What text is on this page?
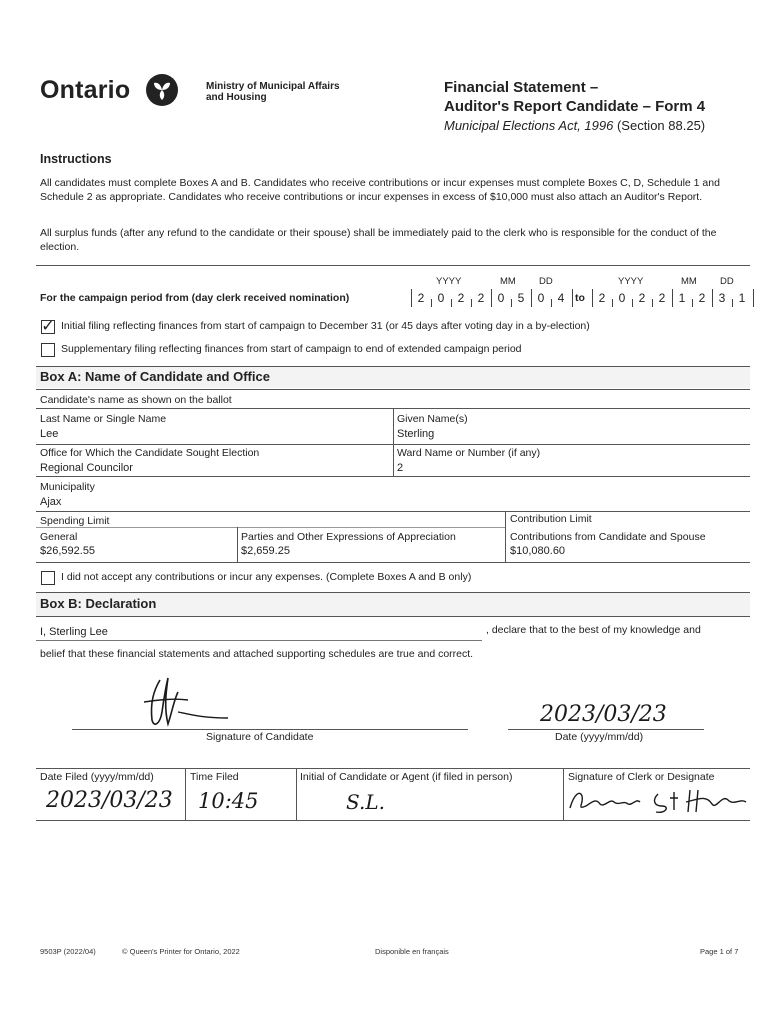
Ontario	Ministry of Municipal Affairs
and Housing
Financial Statement –
Auditor's Report Candidate – Form 4
Municipal Elections Act, 1996 (Section 88.25)
Instructions
All candidates must complete Boxes A and B. Candidates who receive contributions or incur expenses must complete Boxes C, D, Schedule 1 and Schedule 2 as appropriate. Candidates who receive contributions or incur expenses in excess of $10,000 must also attach an Auditor's Report.
All surplus funds (after any refund to the candidate or their spouse) shall be immediately paid to the clerk who is responsible for the conduct of the election.
YYYY	MM DD	YYYY	MM DD
For the campaign period from (day clerk received nomination)	2	0	2	2	0	5	0	4	to	2	0	2	2	1	2	3	1
✓ Initial filing reflecting finances from start of campaign to December 31 (or 45 days after voting day in a by-election)
Supplementary filing reflecting finances from start of campaign to end of extended campaign period
Box A: Name of Candidate and Office
Candidate's name as shown on the ballot
Last Name or Single Name
Lee
Given Name(s)
Sterling
Office for Which the Candidate Sought Election
Regional Councilor
Ward Name or Number (if any)
2
Municipality
Ajax
Spending Limit	Contribution Limit
General
$26,592.55
Parties and Other Expressions of Appreciation
$2,659.25
Contributions from Candidate and Spouse
$10,080.60
I did not accept any contributions or incur any expenses. (Complete Boxes A and B only)
Box B: Declaration
I, Sterling Lee	, declare that to the best of my knowledge and
belief that these financial statements and attached supporting schedules are true and correct.
Signature of Candidate
2023/03/23
Date (yyyy/mm/dd)
Date Filed (yyyy/mm/dd)
2023/03/23
Time Filed
10:45
Initial of Candidate or Agent (if filed in person)
S.L.
Signature of Clerk or Designate
9503P (2022/04)	© Queen's Printer for Ontario, 2022	Disponible en français	Page 1 of 7
